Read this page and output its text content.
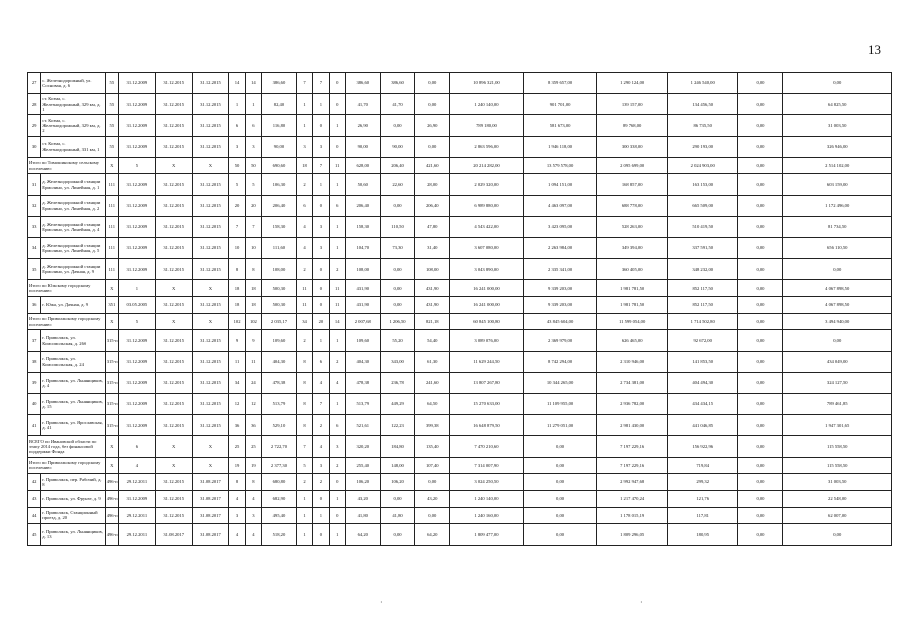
13
27	с. Железнодорожный, ул. Сосновая, д. 6	55	31.12.2009	31.12.2015	31.12.2015	14	14	386,60	7	7	0	386,60	386,60	0,00	10 896 321,00	8 359 657,00	1 290 124,00	1 246 540,00	0,00	0,00
28	ст. Козма, с. Железнодорожный, 329 км, д. 1	55	31.12.2009	31.12.2015	31.12.2015	1	1	82,40	1	1	0	41,70	41,70	0,00	1 240 140,00	901 701,00	139 157,00	134 456,50	0,00	64 825,50
29	ст. Козма, с. Железнодорожный, 329 км, д. 2	55	31.12.2009	31.12.2015	31.12.2015	6	6	116,80	1	0	1	26,90	0,00	26,90	789 180,00	581 673,00	89 768,00	86 735,50	0,00	31 003,50
30	ст. Козма, с. Железнодорожный, 331 км, 1	55	31.12.2009	31.12.2015	31.12.2015	3	3	90,00	3	3	0	90,00	90,00	0,00	2 863 596,00	1 946 118,00	300 338,00	290 193,00	0,00	326 946,00
Итого по Тимошинскому сельскому поселению:		X	5	X	X	50	50	690,60	18	7	11	628,00	206,40	421,60	20 214 282,00	13 579 578,00	2 095 699,00	2 024 903,00	0,00	2 514 102,00
31	д. Железнодорожной станции Ермолино, ул. Линейная, д. 1	111	31.12.2009	31.12.2015	31.12.2015	5	5	106,30	2	1	1	50,60	22,60	28,00	2 029 320,00	1 094 151,00	168 857,00	163 153,00	0,00	603 159,00
32	д. Железнодорожной станции Ермолино, ул. Линейная, д. 2	111	31.12.2009	31.12.2015	31.12.2015	20	20	206,40	6	0	6	206,40	0,00	206,40	6 989 880,00	4 463 097,00	688 778,00	665 509,00	0,00	1 172 496,00
33	д. Железнодорожной станции Ермолино, ул. Линейная, д. 4	111	31.12.2009	31.12.2015	31.12.2015	7	7	158,30	4	3	1	158,30	110,50	47,80	4 543 422,00	3 423 095,00	528 263,00	510 419,50	0,00	81 734,50
34	д. Железнодорожной станции Ермолино, ул. Линейная, д. 5	111	31.12.2009	31.12.2015	31.12.2015	10	10	111,60	4	3	1	104,70	73,30	31,40	3 607 080,00	2 263 984,00	349 394,00	337 591,50	0,00	656 110,50
35	д. Железнодорожной станции Ермолино, ул. Дачная, д. 9	111	31.12.2009	31.12.2015	31.12.2015	8	8	108,00	2	0	2	108,00	0,00	108,00	3 043 890,00	2 335 341,00	360 405,00	348 232,00	0,00	0,00
Итого по Южскому городскому поселению:		X	1	X	X	18	18	500,30	11	0	11	431,90	0,00	431,90	16 241 000,00	9 339 203,00	1 981 781,50	852 117,50	0,00	4 067 898,50
36	г. Южа, ул. Дачная, д. 9	351	03.05.2005	31.12.2015	31.12.2015	18	18	500,30	11	0	11	431,90	0,00	431,90	16 241 000,00	9 339 203,00	1 981 781,50	852 117,50	0,00	4 067 898,50
Итого по Приволжскому городскому поселению:		X	5	X	X	102	102	2 035,17	34	20	14	2 007,68	1 206,50	821,18	60 845 100,80	43 845 604,00	11 599 054,00	1 714 502,80	0,00	3 494 940,00
37	г. Приволжск, ул. Комсомольская, д. 26б	315-п	31.12.2009	31.12.2015	31.12.2015	9	9	109,60	2	1	1	109,60	55,20	54,40	3 089 076,00	2 369 979,00	626 465,00	92 672,00	0,00	0,00
38	г. Приволжск, ул. Комсомольская, д. 24	315-п	31.12.2009	31.12.2015	31.12.2015	11	11	404,30	8	6	2	404,30	343,00	61,30	11 629 244,50	8 742 294,00	2 310 946,00	141 853,50	0,00	434 049,00
39	г. Приволжск, ул. Льнянщиков, д. 4	315-п	31.12.2009	31.12.2015	31.12.2015	34	24	478,38	8	4	4	478,38	236,78	241,60	13 807 267,80	10 344 265,00	2 734 381,00	404 494,30	0,00	324 127,50
40	г. Приволжск, ул. Льнянщиков, д. 15	315-п	31.12.2009	31.12.2015	31.12.2015	12	12	513,79	8	7	1	513,79	449,29	64,50	15 270 633,00	11 109 955,00	2 936 782,00	434 434,15	0,00	789 461,85
41	г. Приволжск, ул. Ярославская, д. 41	315-п	31.12.2009	31.12.2015	31.12.2015	36	36	529,10	8	2	6	521,61	122,23	399,38	16 648 879,50	11 279 051,00	2 981 430,00	441 046,85	0,00	1 947 301,65
ВСЕГО по Ивановской области по этапу 2014 года, без финансовой поддержки Фонда		X	6	X	X	25	25	2 722,70	7	4	3	320,20	184,80	135,40	7 470 210,60	0,00	7 197 229,16	156 922,96	0,00	115 558,50
Итого по Приволжскому городскому поселению:		X	4	X	X	19	19	2 377,30	5	3	2	255,40	148,00	107,40	7 314 007,90	0,00	7 197 229,16	719,84	0,00	115 558,50
42	г. Приволжск, пер. Рабочий, д. 8	496-п	29.12.2011	31.12.2015	31.08.2017	8	8	680,80	2	2	0	106,20	106,20	0,00	3 024 250,50	0,00	2 992 947,68	299,32	0,00	31 003,50
43	г. Приволжск, ул. Фрунзе, д. 9	496-п	31.12.2009	31.12.2015	31.08.2017	4	4	682,90	1	0	1	43,20	0,00	43,20	1 240 140,00	0,00	1 217 470,24	121,76	0,00	22 548,00
44	г. Приволжск, Станционный проезд, д. 20	496-п	29.12.2011	31.12.2015	31.08.2017	3	3	495,40	1	1	0	41,80	41,80	0,00	1 240 160,00	0,00	1 178 015,19	117,81	0,00	62 007,00
45	г. Приволжск, ул. Льнянщиков, д. 13	496-п	29.12.2011	31.08.2017	31.08.2017	4	4	518,20	1	0	1	64,20	0,00	64,20	1 809 477,00	0,00	1 809 296,05	180,95	0,00	0,00
·	·
